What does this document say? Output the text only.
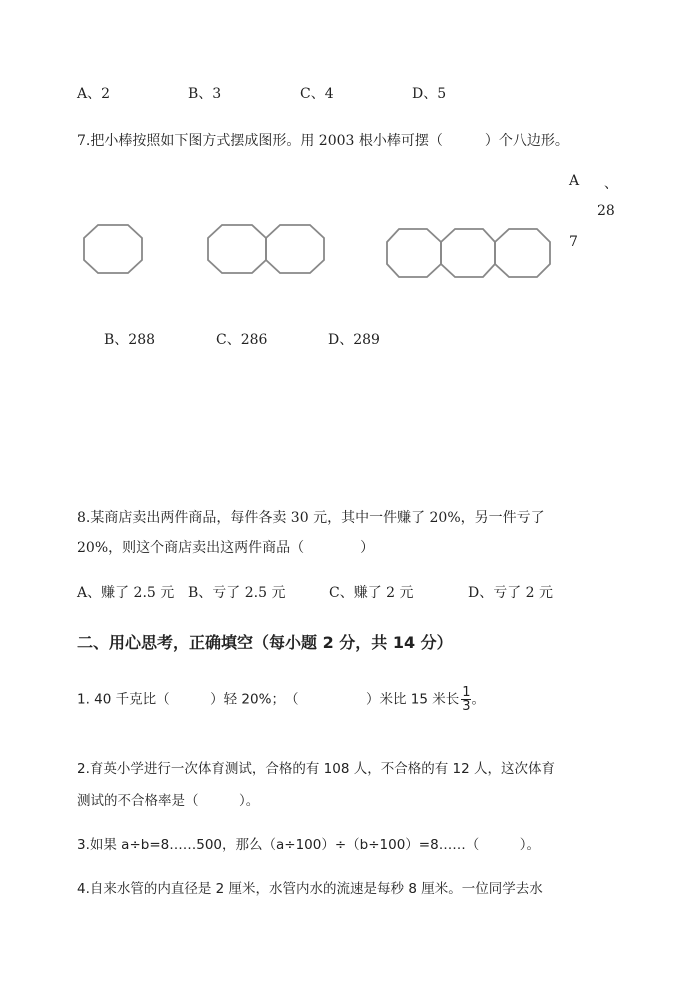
A、2	B、3	C、4	D、5
7.把小棒按照如下图方式摆成图形。用 2003 根小棒可摆（　　　）个八边形。
A 、
28
7
B、288	C、286	D、289
8.某商店卖出两件商品，每件各卖 30 元，其中一件赚了 20%，另一件亏了
20%，则这个商店卖出这两件商品（　　　　）
A、赚了 2.5 元 B、亏了 2.5 元	C、赚了 2 元	D、亏了 2 元
二、用心思考，正确填空（每小题 2 分，共 14 分）
1. 40 千克比（　　　）轻 20%；　（　　　　　）米比 15 米长 $\frac{1}{3}$ 。
2.育英小学进行一次体育测试，合格的有 108 人，不合格的有 12 人，这次体育
测试的不合格率是（　　　）。
3.如果 a÷b=8……500，那么（a÷100）÷（b÷100）=8……（　　　）。
4.自来水管的内直径是 2 厘米，水管内水的流速是每秒 8 厘米。一位同学去水
